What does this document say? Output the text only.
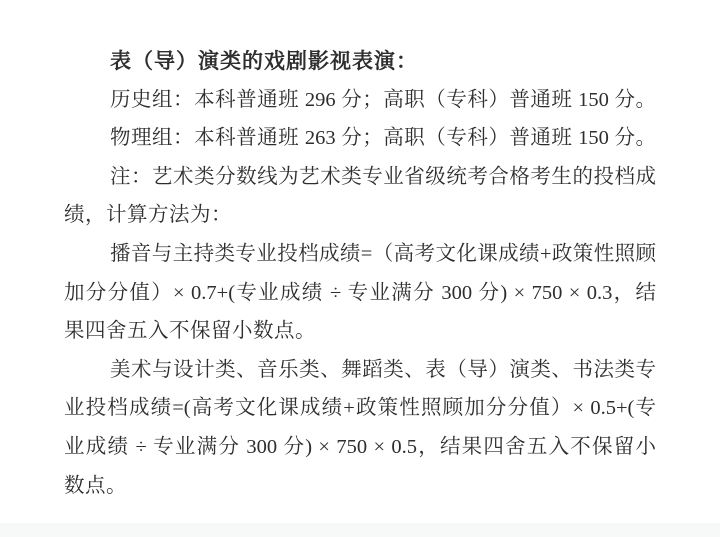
表（导）演类的戏剧影视表演：
历史组：本科普通班 296 分；高职（专科）普通班 150 分。
物理组：本科普通班 263 分；高职（专科）普通班 150 分。
注：艺术类分数线为艺术类专业省级统考合格考生的投档成
绩，计算方法为：
播音与主持类专业投档成绩=（高考文化课成绩+政策性照顾
加分分值）× 0.7+(专业成绩 ÷ 专业满分 300 分) × 750 × 0.3，结
果四舍五入不保留小数点。
美术与设计类、音乐类、舞蹈类、表（导）演类、书法类专
业投档成绩=(高考文化课成绩+政策性照顾加分分值）× 0.5+(专
业成绩 ÷ 专业满分 300 分) × 750 × 0.5，结果四舍五入不保留小
数点。
